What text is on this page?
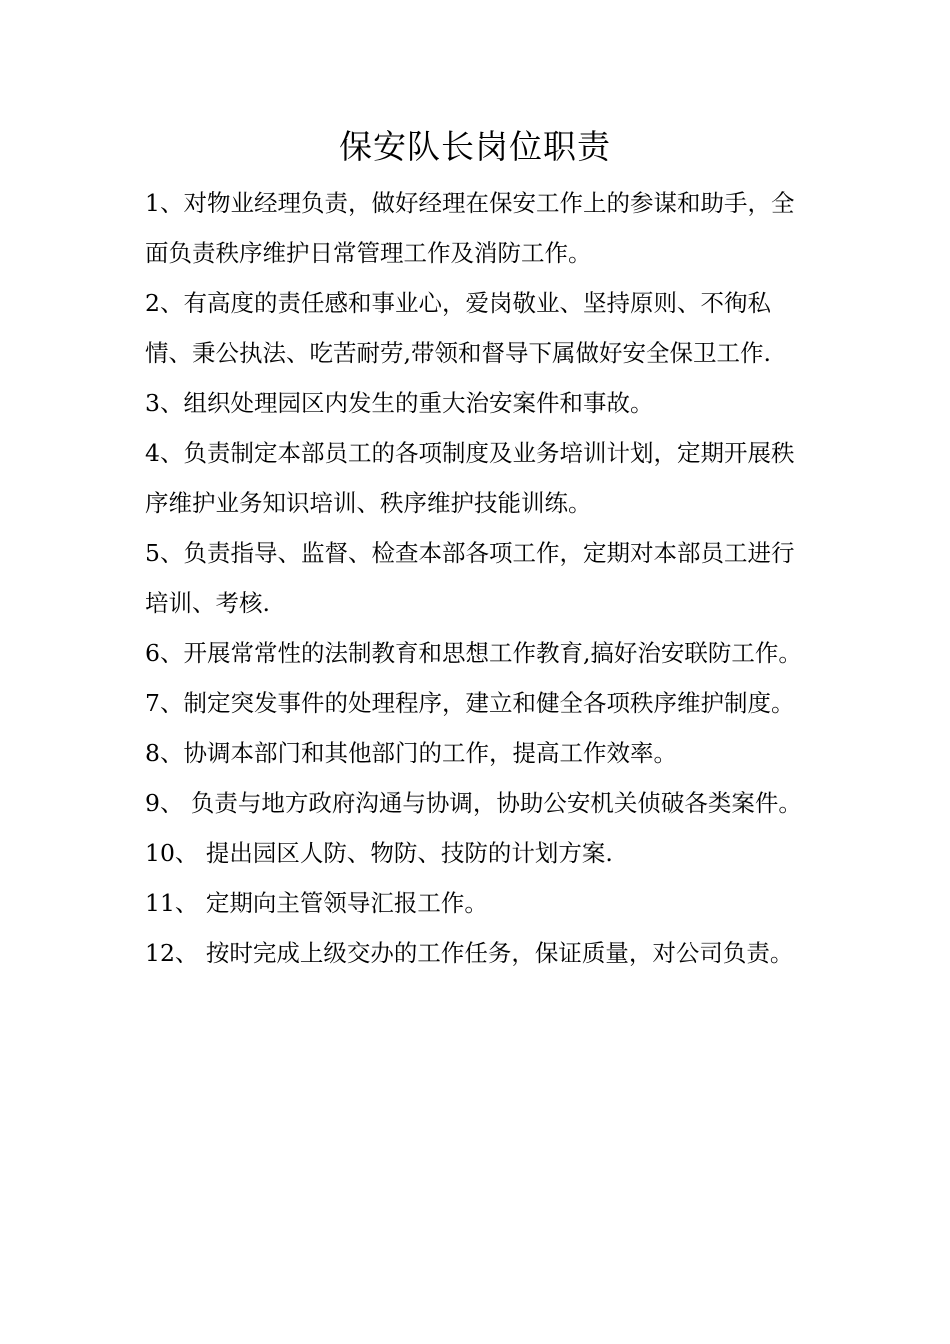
保安队长岗位职责

1、对物业经理负责，做好经理在保安工作上的参谋和助手，全面负责秩序维护日常管理工作及消防工作。

2、有高度的责任感和事业心，爱岗敬业、坚持原则、不徇私情、秉公执法、吃苦耐劳,带领和督导下属做好安全保卫工作.

3、组织处理园区内发生的重大治安案件和事故。

4、负责制定本部员工的各项制度及业务培训计划，定期开展秩序维护业务知识培训、秩序维护技能训练。

5、负责指导、监督、检查本部各项工作，定期对本部员工进行培训、考核.

6、开展常常性的法制教育和思想工作教育,搞好治安联防工作。

7、制定突发事件的处理程序，建立和健全各项秩序维护制度。

8、协调本部门和其他部门的工作，提高工作效率。

9、 负责与地方政府沟通与协调，协助公安机关侦破各类案件。

10、 提出园区人防、物防、技防的计划方案.

11、 定期向主管领导汇报工作。

12、 按时完成上级交办的工作任务，保证质量，对公司负责。
